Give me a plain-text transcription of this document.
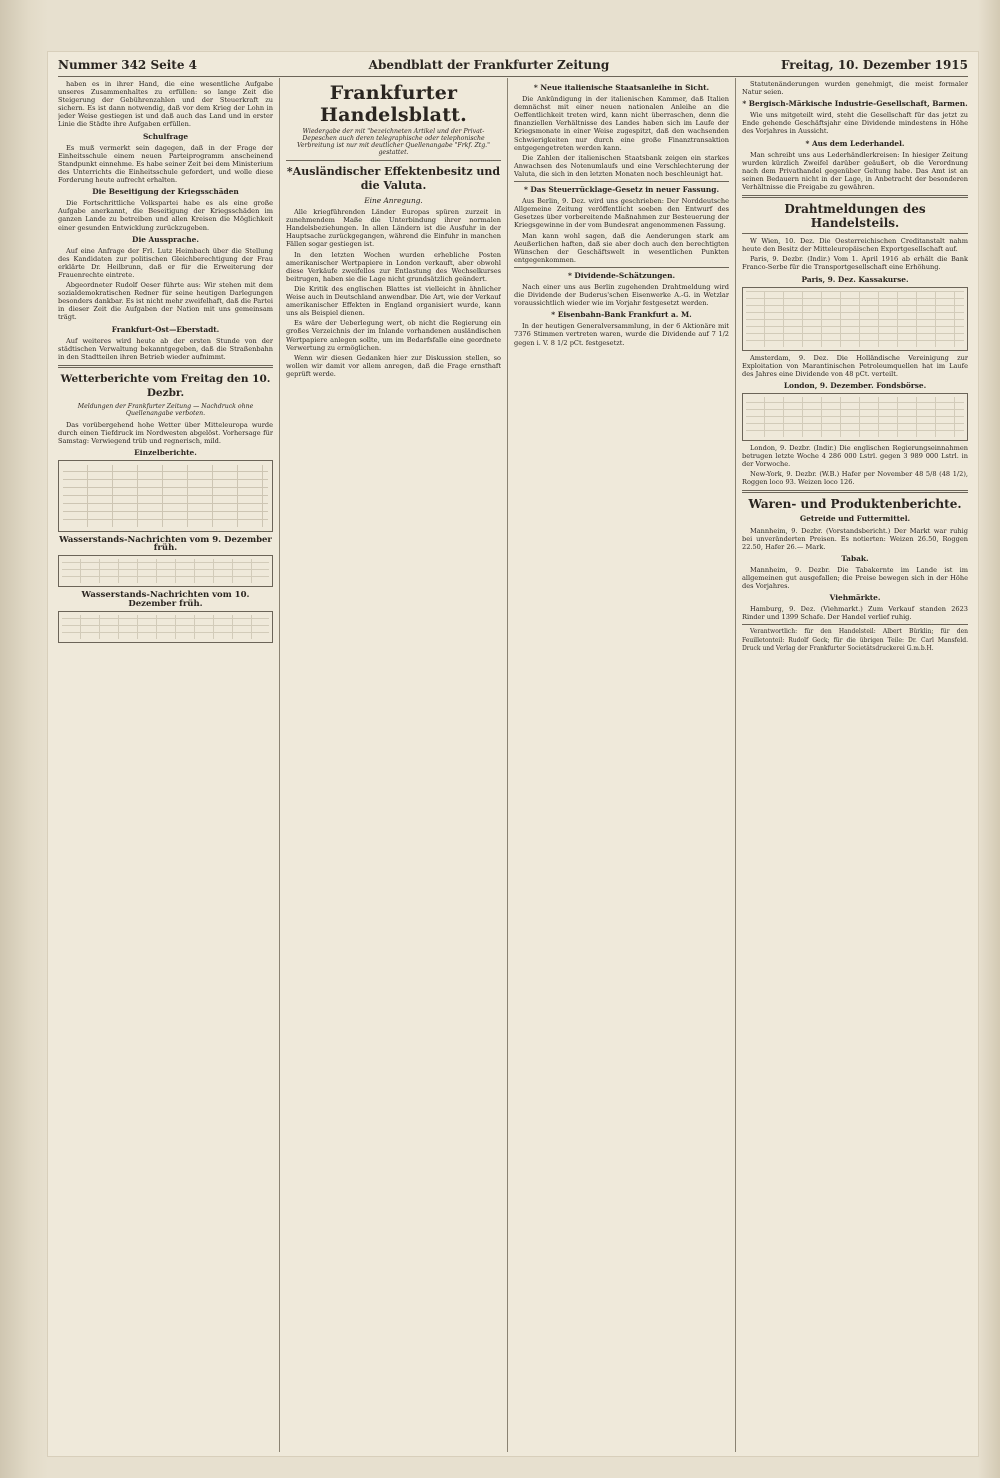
Nummer 342 Seite 4	Abendblatt der Frankfurter Zeitung	Freitag, 10. Dezember 1915

haben es in ihrer Hand, die eine wesentliche Aufgabe unseres Zusammenhaltes zu erfüllen: so lange Zeit die Steigerung der Gebührenzahlen und der Steuerkraft zu sichern. Es ist dann notwendig, daß vor dem Krieg der Lohn in jeder Weise gestiegen ist und daß auch das Land und in erster Linie die Städte ihre Aufgaben erfüllen.

Schulfrage

Es muß vermerkt sein dagegen, daß in der Frage der Einheitsschule einem neuen Parteiprogramm anscheinend Standpunkt einnehme. Es habe seiner Zeit bei dem Ministerium des Unterrichts die Einheitsschule gefordert, und wolle diese Forderung heute aufrecht erhalten.

Die Beseitigung der Kriegsschäden

Die Fortschrittliche Volkspartei habe es als eine große Aufgabe anerkannt, die Beseitigung der Kriegsschäden im ganzen Lande zu betreiben und allen Kreisen die Möglichkeit einer gesunden Entwicklung zurückzugeben.

Die Aussprache.

Auf eine Anfrage der Frl. Lutz Heimbach über die Stellung des Kandidaten zur politischen Gleichberechtigung der Frau erklärte Dr. Heilbrunn, daß er für die Erweiterung der Frauenrechte eintrete.

Abgeordneter Rudolf Oeser führte aus: Wir stehen mit dem sozialdemokratischen Redner für seine heutigen Darlegungen besonders dankbar. Es ist nicht mehr zweifelhaft, daß die Partei in dieser Zeit die Aufgaben der Nation mit uns gemeinsam trägt.

Frankfurt-Ost—Eberstadt.

Auf weiteres wird heute ab der ersten Stunde von der städtischen Verwaltung bekanntgegeben, daß die Straßenbahn in den Stadtteilen ihren Betrieb wieder aufnimmt.

Wetterberichte vom Freitag den 10. Dezbr.
Meldungen der Frankfurter Zeitung — Nachdruck ohne Quellenangabe verboten.

Das vorübergehend hohe Wetter über Mitteleuropa wurde durch einen Tiefdruck im Nordwesten abgelöst. Vorhersage für Samstag: Verwiegend trüb und regnerisch, mild.

Einzelberichte.
Wasserstands-Nachrichten vom 9. Dezember früh.
Wasserstands-Nachrichten vom 10. Dezember früh.
Frankfurter Handelsblatt.
Wiedergabe der mit "bezeichneten Artikel und der Privat-Depeschen auch deren telegraphische oder telephonische Verbreitung ist nur mit deutlicher Quellenangabe "Frkf. Ztg." gestattet.
*Ausländischer Effektenbesitz und die Valuta.
Eine Anregung.

Alle kriegführenden Länder Europas spüren zurzeit in zunehmendem Maße die Unterbindung ihrer normalen Handelsbeziehungen. In allen Ländern ist die Ausfuhr in der Hauptsache zurückgegangen, während die Einfuhr in manchen Fällen sogar gestiegen ist.

In den letzten Wochen wurden erhebliche Posten amerikanischer Wertpapiere in London verkauft, aber obwohl diese Verkäufe zweifellos zur Entlastung des Wechselkurses beitrugen, haben sie die Lage nicht grundsätzlich geändert.

Die Kritik des englischen Blattes ist vielleicht in ähnlicher Weise auch in Deutschland anwendbar. Die Art, wie der Verkauf amerikanischer Effekten in England organisiert wurde, kann uns als Beispiel dienen.

Es wäre der Ueberlegung wert, ob nicht die Regierung ein großes Verzeichnis der im Inlande vorhandenen ausländischen Wertpapiere anlegen sollte, um im Bedarfsfalle eine geordnete Verwertung zu ermöglichen.

Wenn wir diesen Gedanken hier zur Diskussion stellen, so wollen wir damit vor allem anregen, daß die Frage ernsthaft geprüft werde.

* Neue italienische Staatsanleihe in Sicht.

Die Ankündigung in der italienischen Kammer, daß Italien demnächst mit einer neuen nationalen Anleihe an die Oeffentlichkeit treten wird, kann nicht überraschen, denn die finanziellen Verhältnisse des Landes haben sich im Laufe der Kriegsmonate in einer Weise zugespitzt, daß den wachsenden Schwierigkeiten nur durch eine große Finanztransaktion entgegengetreten werden kann.

Die Zahlen der italienischen Staatsbank zeigen ein starkes Anwachsen des Notenumlaufs und eine Verschlechterung der Valuta, die sich in den letzten Monaten noch beschleunigt hat.

* Das Steuerrücklage-Gesetz in neuer Fassung.

Aus Berlin, 9. Dez. wird uns geschrieben: Der Norddeutsche Allgemeine Zeitung veröffentlicht soeben den Entwurf des Gesetzes über vorbereitende Maßnahmen zur Besteuerung der Kriegsgewinne in der vom Bundesrat angenommenen Fassung.

Man kann wohl sagen, daß die Aenderungen stark am Aeußerlichen haften, daß sie aber doch auch den berechtigten Wünschen der Geschäftswelt in wesentlichen Punkten entgegenkommen.

* Dividende-Schätzungen.

Nach einer uns aus Berlin zugehenden Drahtmeldung wird die Dividende der Buderus'schen Eisenwerke A.-G. in Wetzlar voraussichtlich wieder wie im Vorjahr festgesetzt werden.

* Eisenbahn-Bank Frankfurt a. M.

In der heutigen Generalversammlung, in der 6 Aktionäre mit 7376 Stimmen vertreten waren, wurde die Dividende auf 7 1/2 gegen i. V. 8 1/2 pCt. festgesetzt.

Statutenänderungen wurden genehmigt, die meist formaler Natur seien.

* Bergisch-Märkische Industrie-Gesellschaft, Barmen.

Wie uns mitgeteilt wird, steht die Gesellschaft für das jetzt zu Ende gehende Geschäftsjahr eine Dividende mindestens in Höhe des Vorjahres in Aussicht.

* Aus dem Lederhandel.

Man schreibt uns aus Lederhändlerkreisen: In hiesiger Zeitung wurden kürzlich Zweifel darüber geäußert, ob die Verordnung nach dem Privathandel gegenüber Geltung habe. Das Amt ist an seinen Bedauern nicht in der Lage, in Anbetracht der besonderen Verhältnisse die Freigabe zu gewähren.

Drahtmeldungen des Handelsteils.

W Wien, 10. Dez. Die Oesterreichischen Creditanstalt nahm heute den Besitz der Mitteleuropäischen Exportgesellschaft auf.

Paris, 9. Dezbr. (Indir.) Vom 1. April 1916 ab erhält die Bank Franco-Serbe für die Transportgesellschaft eine Erhöhung.

Paris, 9. Dez. Kassakurse.

Amsterdam, 9. Dez. Die Holländische Vereinigung zur Exploitation von Marantinischen Petroleumquellen hat im Laufe des Jahres eine Dividende von 48 pCt. verteilt.

London, 9. Dezember. Fondsbörse.

London, 9. Dezbr. (Indir.) Die englischen Regierungseinnahmen betrugen letzte Woche 4 286 000 Lstrl. gegen 3 989 000 Lstrl. in der Vorwoche.

New-York, 9. Dezbr. (W.B.) Hafer per November 48 5/8 (48 1/2), Roggen loco 93. Weizen loco 126.

Waren- und Produktenberichte.
Getreide und Futtermittel.

Mannheim, 9. Dezbr. (Vorstandsbericht.) Der Markt war ruhig bei unveränderten Preisen. Es notierten: Weizen 26.50, Roggen 22.50, Hafer 26.— Mark.

Tabak.

Mannheim, 9. Dezbr. Die Tabakernte im Lande ist im allgemeinen gut ausgefallen; die Preise bewegen sich in der Höhe des Vorjahres.

Viehmärkte.

Hamburg, 9. Dez. (Viehmarkt.) Zum Verkauf standen 2623 Rinder und 1399 Schafe. Der Handel verlief ruhig.

Verantwortlich: für den Handelsteil: Albert Bürklin; für den Feuilletonteil: Rudolf Geck; für die übrigen Teile: Dr. Carl Mansfeld. Druck und Verlag der Frankfurter Societätsdruckerei G.m.b.H.
